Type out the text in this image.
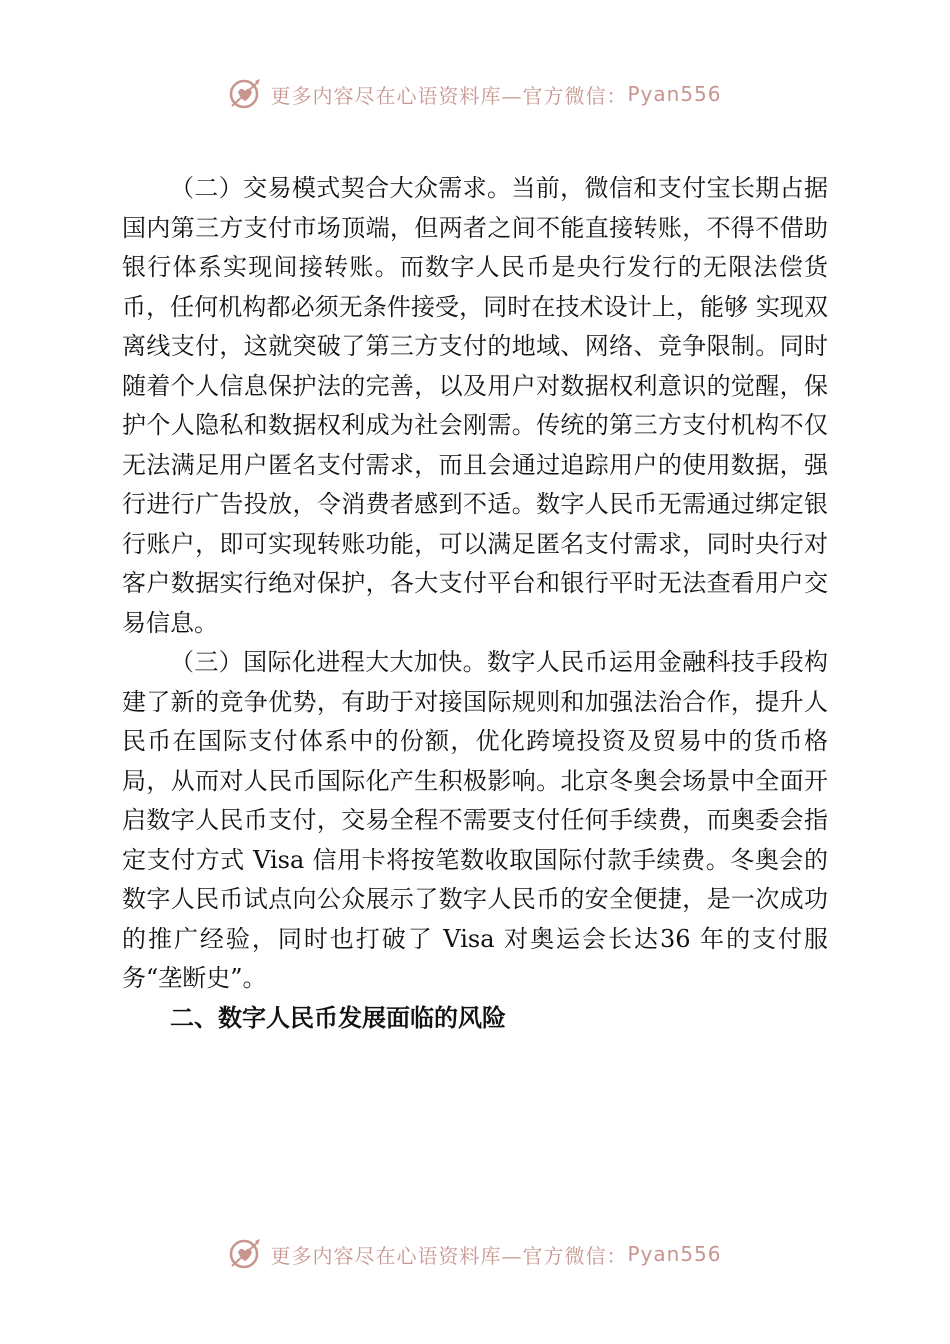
更多内容尽在心语资料库—官方微信： Pyan556

（二）交易模式契合大众需求。当前，微信和支付宝长期占据国内第三方支付市场顶端，但两者之间不能直接转账，不得不借助银行体系实现间接转账。而数字人民币是央行发行的无限法偿货币，任何机构都必须无条件接受，同时在技术设计上，能够 实现双离线支付，这就突破了第三方支付的地域、网络、竞争限制。同时随着个人信息保护法的完善，以及用户对数据权利意识的觉醒，保护个人隐私和数据权利成为社会刚需。传统的第三方支付机构不仅无法满足用户匿名支付需求，而且会通过追踪用户的使用数据，强行进行广告投放，令消费者感到不适。数字人民币无需通过绑定银行账户，即可实现转账功能，可以满足匿名支付需求，同时央行对客户数据实行绝对保护，各大支付平台和银行平时无法查看用户交易信息。

（三）国际化进程大大加快。数字人民币运用金融科技手段构建了新的竞争优势，有助于对接国际规则和加强法治合作，提升人民币在国际支付体系中的份额，优化跨境投资及贸易中的货币格局，从而对人民币国际化产生积极影响。北京冬奥会场景中全面开启数字人民币支付，交易全程不需要支付任何手续费，而奥委会指定支付方式 Visa 信用卡将按笔数收取国际付款手续费。冬奥会的数字人民币试点向公众展示了数字人民币的安全便捷，是一次成功的推广经验，同时也打破了 Visa 对奥运会长达36 年的支付服务“垄断史”。

二、数字人民币发展面临的风险
更多内容尽在心语资料库—官方微信： Pyan556
